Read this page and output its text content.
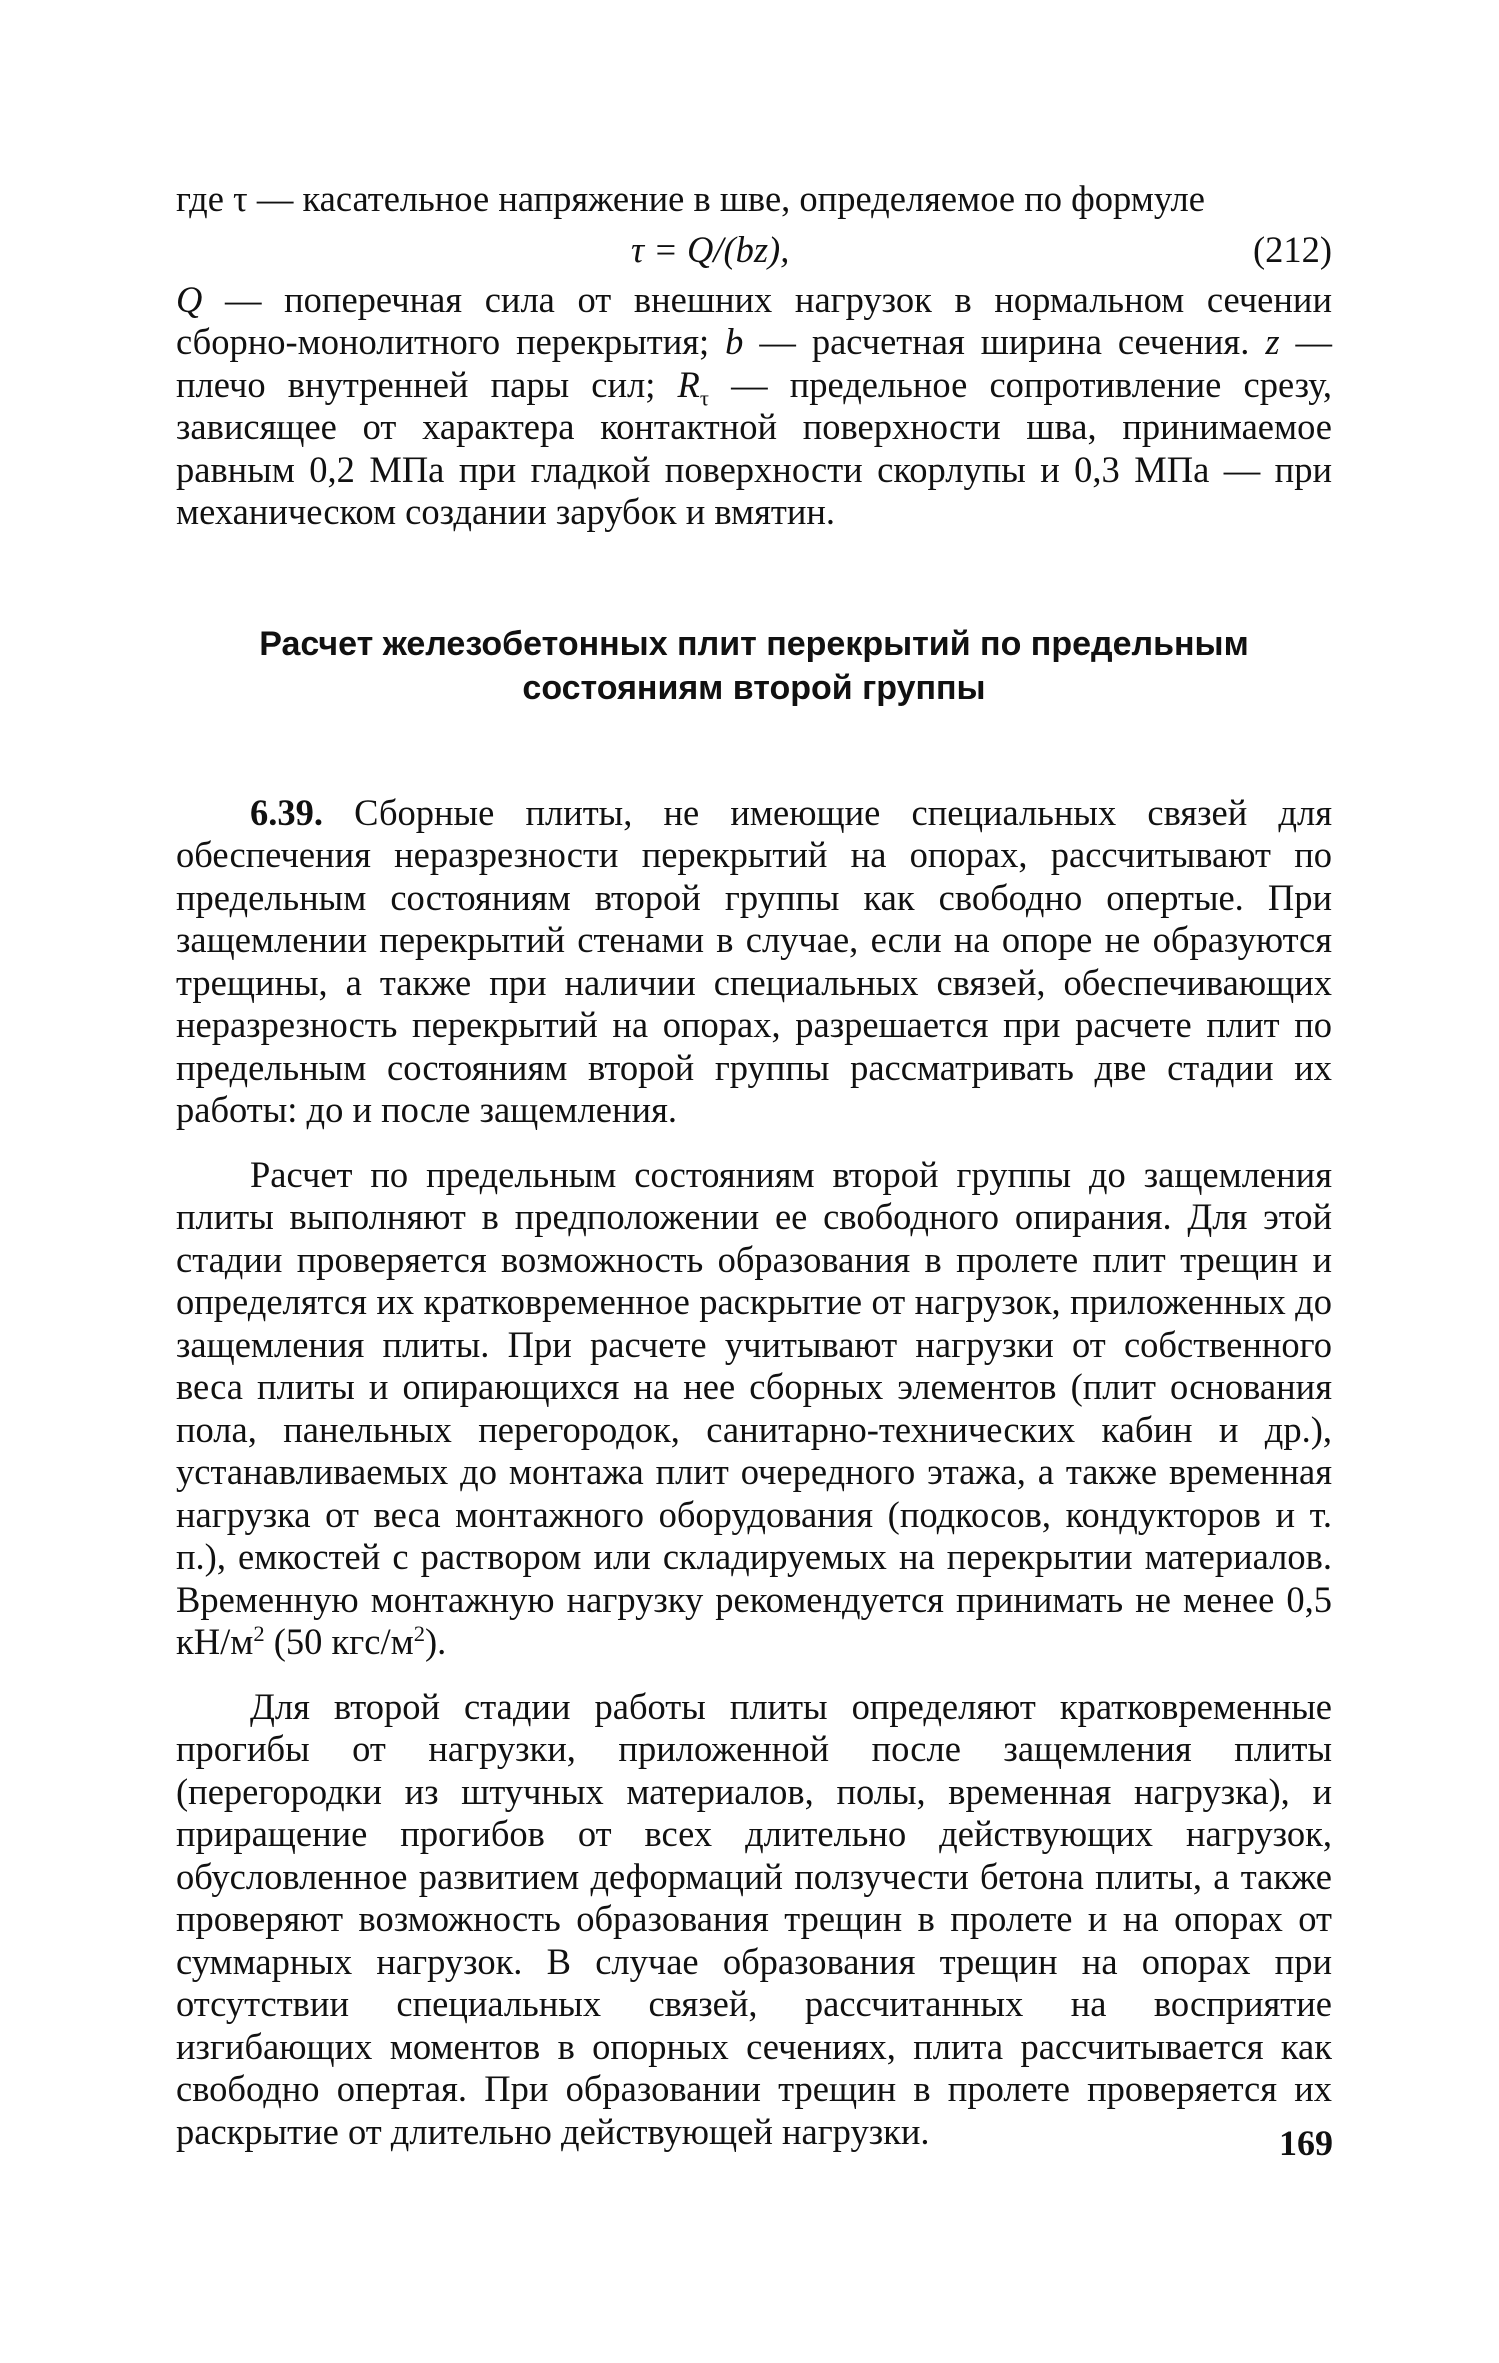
где τ — касательное напряжение в шве, определяемое по формуле

τ = Q/(bz),	(212)

Q — поперечная сила от внешних нагрузок в нормальном сечении сборно-монолитного перекрытия; b — расчетная ширина сечения. z — плечо внутренней пары сил; $R_\tau$ — предельное сопротивление срезу, зависящее от характера контактной поверхности шва, принимаемое равным 0,2 МПа при гладкой поверхности скорлупы и 0,3 МПа — при механическом создании зарубок и вмятин.

Расчет железобетонных плит перекрытий по предельным состояниям второй группы

6.39. Сборные плиты, не имеющие специальных связей для обеспечения неразрезности перекрытий на опорах, рассчитывают по предельным состояниям второй группы как свободно опертые. При защемлении перекрытий стенами в случае, если на опоре не образуются трещины, а также при наличии специальных связей, обеспечивающих неразрезность перекрытий на опорах, разрешается при расчете плит по предельным состояниям второй группы рассматривать две стадии их работы: до и после защемления.

Расчет по предельным состояниям второй группы до защемления плиты выполняют в предположении ее свободного опирания. Для этой стадии проверяется возможность образования в пролете плит трещин и определятся их кратковременное раскрытие от нагрузок, приложенных до защемления плиты. При расчете учитывают нагрузки от собственного веса плиты и опирающихся на нее сборных элементов (плит основания пола, панельных перегородок, санитарно-технических кабин и др.), устанавливаемых до монтажа плит очередного этажа, а также временная нагрузка от веса монтажного оборудования (подкосов, кондукторов и т. п.), емкостей с раствором или складируемых на перекрытии материалов. Временную монтажную нагрузку рекомендуется принимать не менее 0,5 $кН/м^2$ (50 кгс/$м^2$).

Для второй стадии работы плиты определяют кратковременные прогибы от нагрузки, приложенной после защемления плиты (перегородки из штучных материалов, полы, временная нагрузка), и приращение прогибов от всех длительно действующих нагрузок, обусловленное развитием деформаций ползучести бетона плиты, а также проверяют возможность образования трещин в пролете и на опорах от суммарных нагрузок. В случае образования трещин на опорах при отсутствии специальных связей, рассчитанных на восприятие изгибающих моментов в опорных сечениях, плита рассчитывается как свободно опертая. При образовании трещин в пролете проверяется их раскрытие от длительно действующей нагрузки.	169
